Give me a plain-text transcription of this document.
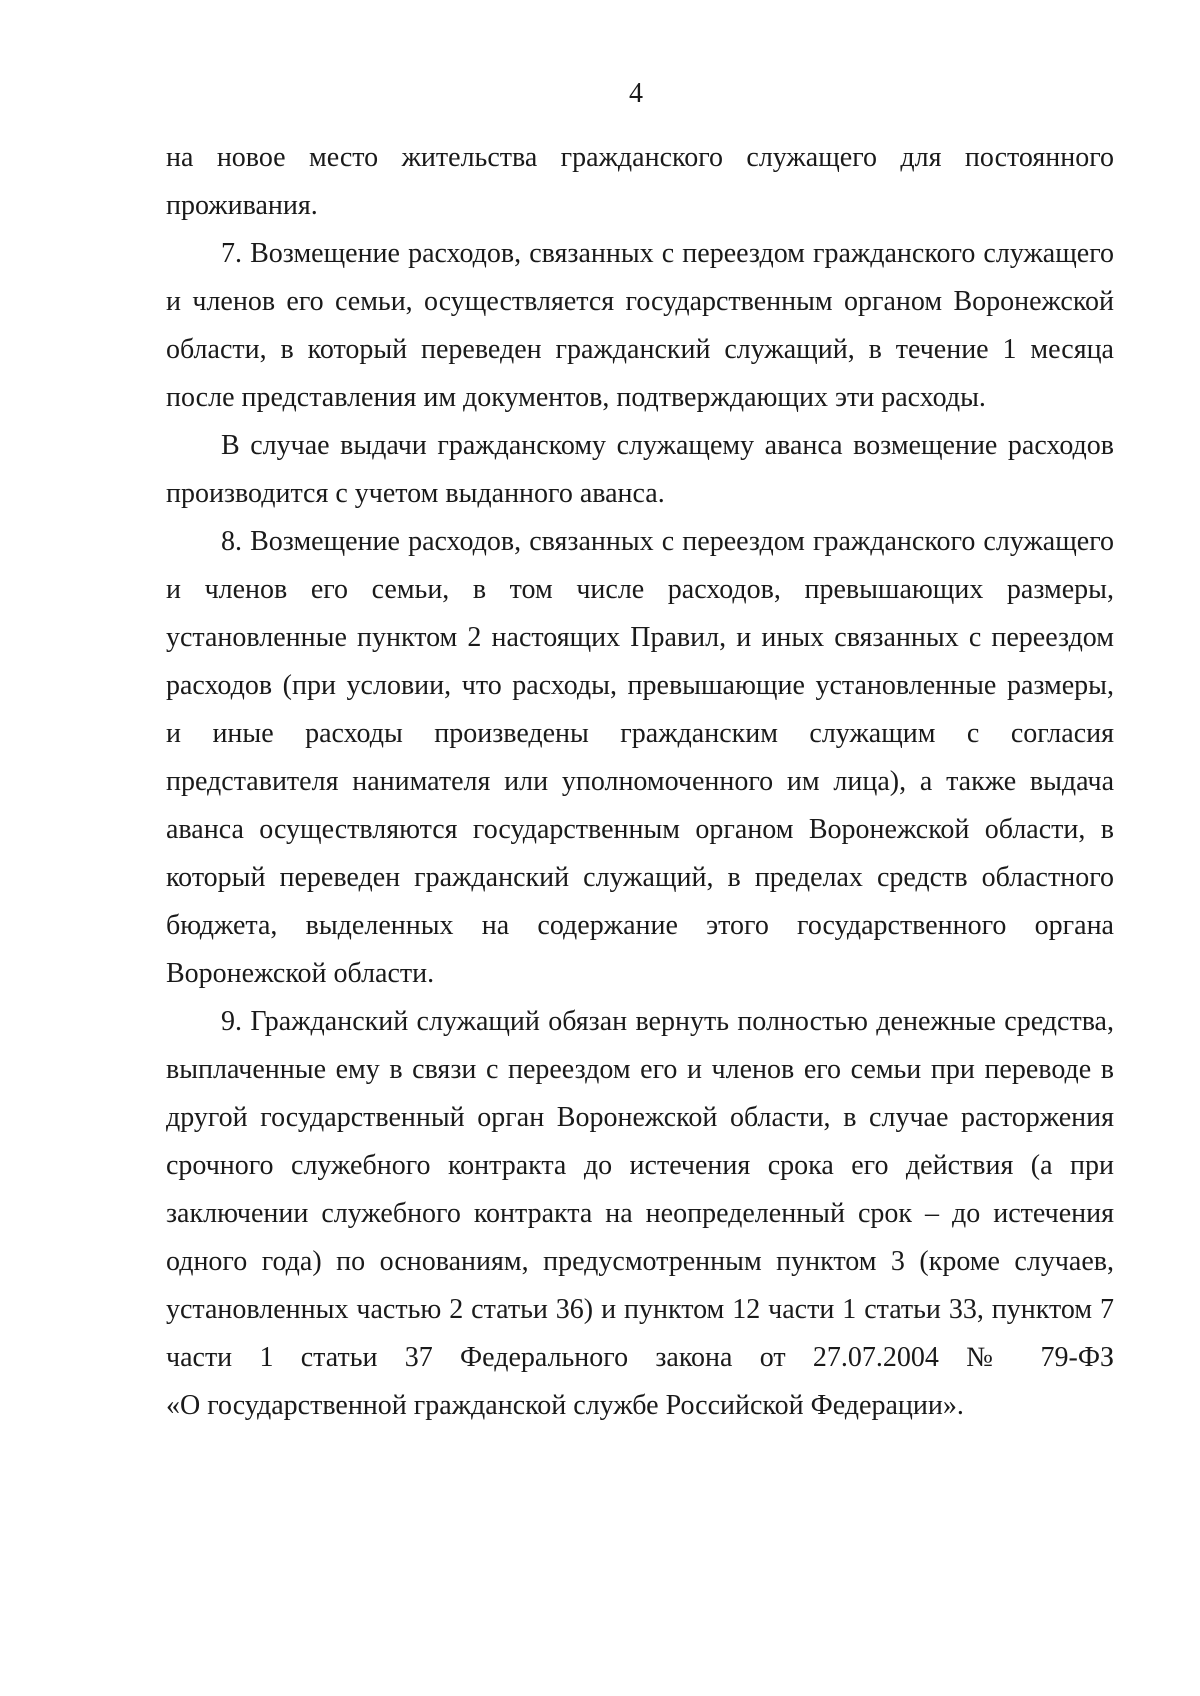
4

на новое место жительства гражданского служащего для постоянного
проживания.

7. Возмещение расходов, связанных с переездом гражданского служащего
и членов его семьи, осуществляется государственным органом Воронежской
области, в который переведен гражданский служащий, в течение 1 месяца
после представления им документов, подтверждающих эти расходы.

В случае выдачи гражданскому служащему аванса возмещение расходов
производится с учетом выданного аванса.

8. Возмещение расходов, связанных с переездом гражданского служащего
и членов его семьи, в том числе расходов, превышающих размеры,
установленные пунктом 2 настоящих Правил, и иных связанных с переездом
расходов (при условии, что расходы, превышающие установленные размеры,
и иные расходы произведены гражданским служащим с согласия
представителя нанимателя или уполномоченного им лица), а также выдача
аванса осуществляются государственным органом Воронежской области, в
который переведен гражданский служащий, в пределах средств областного
бюджета, выделенных на содержание этого государственного органа
Воронежской области.

9. Гражданский служащий обязан вернуть полностью денежные средства,
выплаченные ему в связи с переездом его и членов его семьи при переводе в
другой государственный орган Воронежской области, в случае расторжения
срочного служебного контракта до истечения срока его действия (а при
заключении служебного контракта на неопределенный срок – до истечения
одного года) по основаниям, предусмотренным пунктом 3 (кроме случаев,
установленных частью 2 статьи 36) и пунктом 12 части 1 статьи 33, пунктом 7
части 1 статьи 37 Федерального закона от 27.07.2004 № 79-ФЗ
«О государственной гражданской службе Российской Федерации».
